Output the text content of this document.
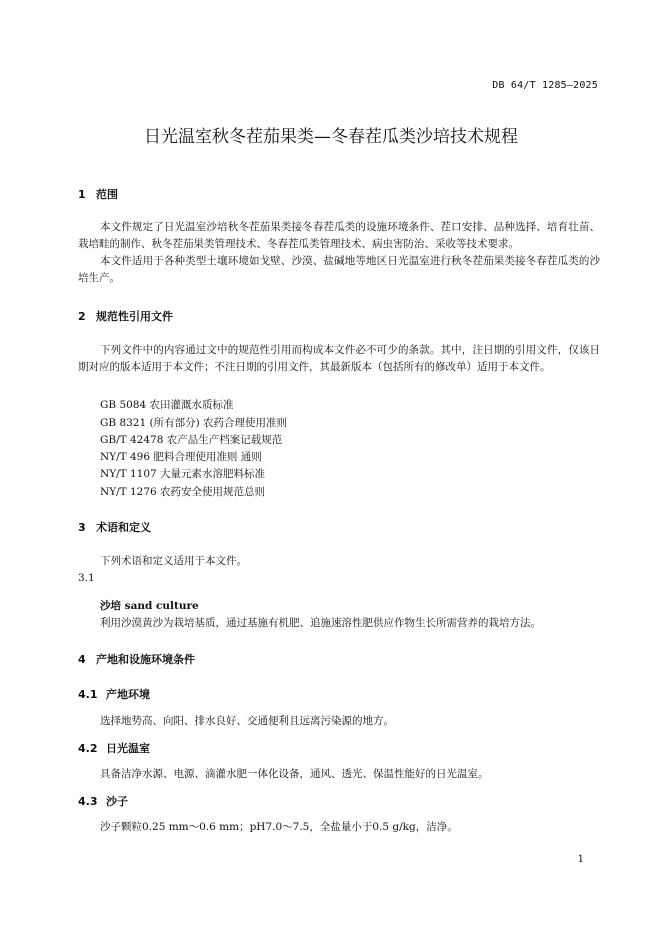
DB 64/T 1285—2025
日光温室秋冬茬茄果类—冬春茬瓜类沙培技术规程
1 范围
本文件规定了日光温室沙培秋冬茬茄果类接冬春茬瓜类的设施环境条件、茬口安排、品种选择、培育壮苗、栽培畦的制作、秋冬茬茄果类管理技术、冬春茬瓜类管理技术、病虫害防治、采收等技术要求。
本文件适用于各种类型土壤环境如戈壁、沙漠、盐碱地等地区日光温室进行秋冬茬茄果类接冬春茬瓜类的沙培生产。
2 规范性引用文件
下列文件中的内容通过文中的规范性引用而构成本文件必不可少的条款。其中，注日期的引用文件，仅该日期对应的版本适用于本文件；不注日期的引用文件，其最新版本（包括所有的修改单）适用于本文件。
GB 5084 农田灌溉水质标准
GB 8321 (所有部分) 农药合理使用准则
GB/T 42478 农产品生产档案记载规范
NY/T 496 肥料合理使用准则 通则
NY/T 1107 大量元素水溶肥料标准
NY/T 1276 农药安全使用规范总则
3 术语和定义
下列术语和定义适用于本文件。
3.1
沙培 sand culture
利用沙漠黄沙为栽培基质，通过基施有机肥、追施速溶性肥供应作物生长所需营养的栽培方法。
4 产地和设施环境条件
4.1 产地环境
选择地势高、向阳、排水良好、交通便利且远离污染源的地方。
4.2 日光温室
具备洁净水源、电源、滴灌水肥一体化设备，通风、透光、保温性能好的日光温室。
4.3 沙子
沙子颗粒0.25 mm～0.6 mm；pH7.0～7.5，全盐量小于0.5 g/kg，洁净。
1
